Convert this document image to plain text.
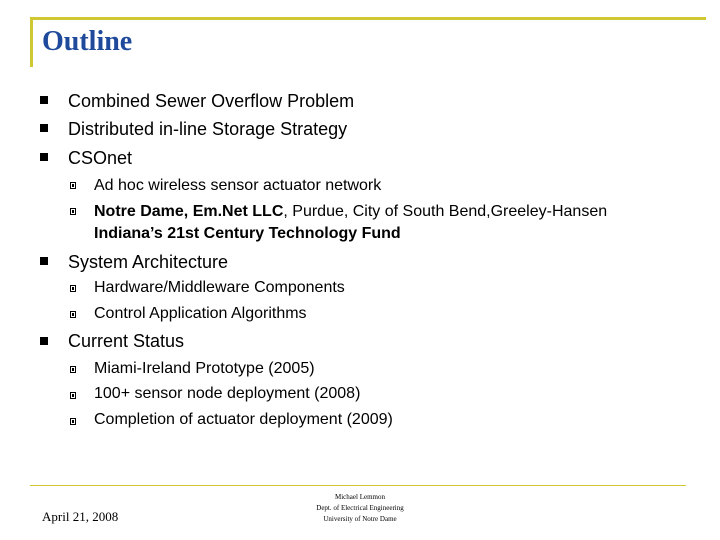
Outline
Combined Sewer Overflow Problem
Distributed in-line Storage Strategy
CSOnet
Ad hoc wireless sensor actuator network
Notre Dame, Em.Net LLC, Purdue, City of South Bend,Greeley-Hansen
Indiana’s 21st Century Technology Fund
System Architecture
Hardware/Middleware Components
Control Application Algorithms
Current Status
Miami-Ireland Prototype (2005)
100+ sensor node deployment (2008)
Completion of actuator deployment (2009)
April 21, 2008
Michael Lemmon
Dept. of Electrical Engineering
University of Notre Dame
